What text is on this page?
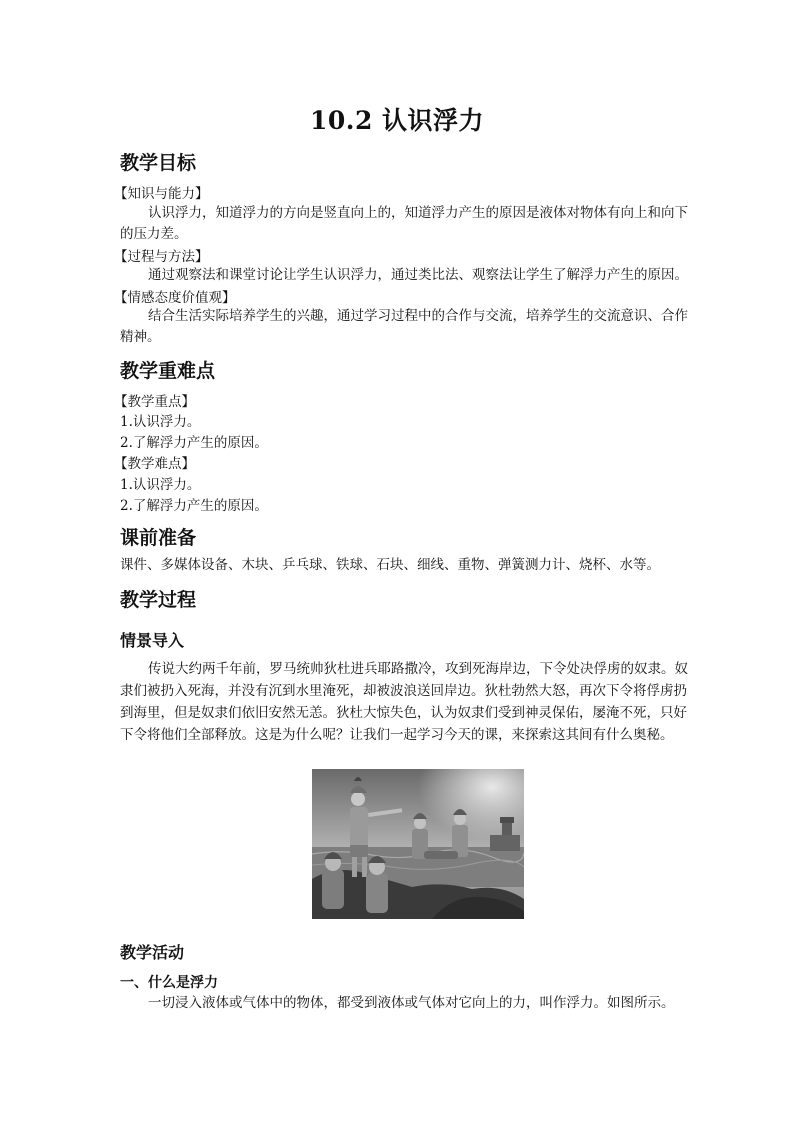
10.2 认识浮力
教学目标
【知识与能力】

认识浮力，知道浮力的方向是竖直向上的，知道浮力产生的原因是液体对物体有向上和向下的压力差。

【过程与方法】

通过观察法和课堂讨论让学生认识浮力，通过类比法、观察法让学生了解浮力产生的原因。

【情感态度价值观】

结合生活实际培养学生的兴趣，通过学习过程中的合作与交流，培养学生的交流意识、合作精神。

教学重难点
【教学重点】
1.认识浮力。
2.了解浮力产生的原因。
【教学难点】
1.认识浮力。
2.了解浮力产生的原因。
课前准备

课件、多媒体设备、木块、乒乓球、铁球、石块、细线、重物、弹簧测力计、烧杯、水等。

教学过程
情景导入

传说大约两千年前，罗马统帅狄杜进兵耶路撒冷，攻到死海岸边，下令处决俘虏的奴隶。奴隶们被扔入死海，并没有沉到水里淹死，却被波浪送回岸边。狄杜勃然大怒，再次下令将俘虏扔到海里，但是奴隶们依旧安然无恙。狄杜大惊失色，认为奴隶们受到神灵保佑，屡淹不死，只好下令将他们全部释放。这是为什么呢？让我们一起学习今天的课，来探索这其间有什么奥秘。

教学活动
一、什么是浮力

一切浸入液体或气体中的物体，都受到液体或气体对它向上的力，叫作浮力。如图所示。
